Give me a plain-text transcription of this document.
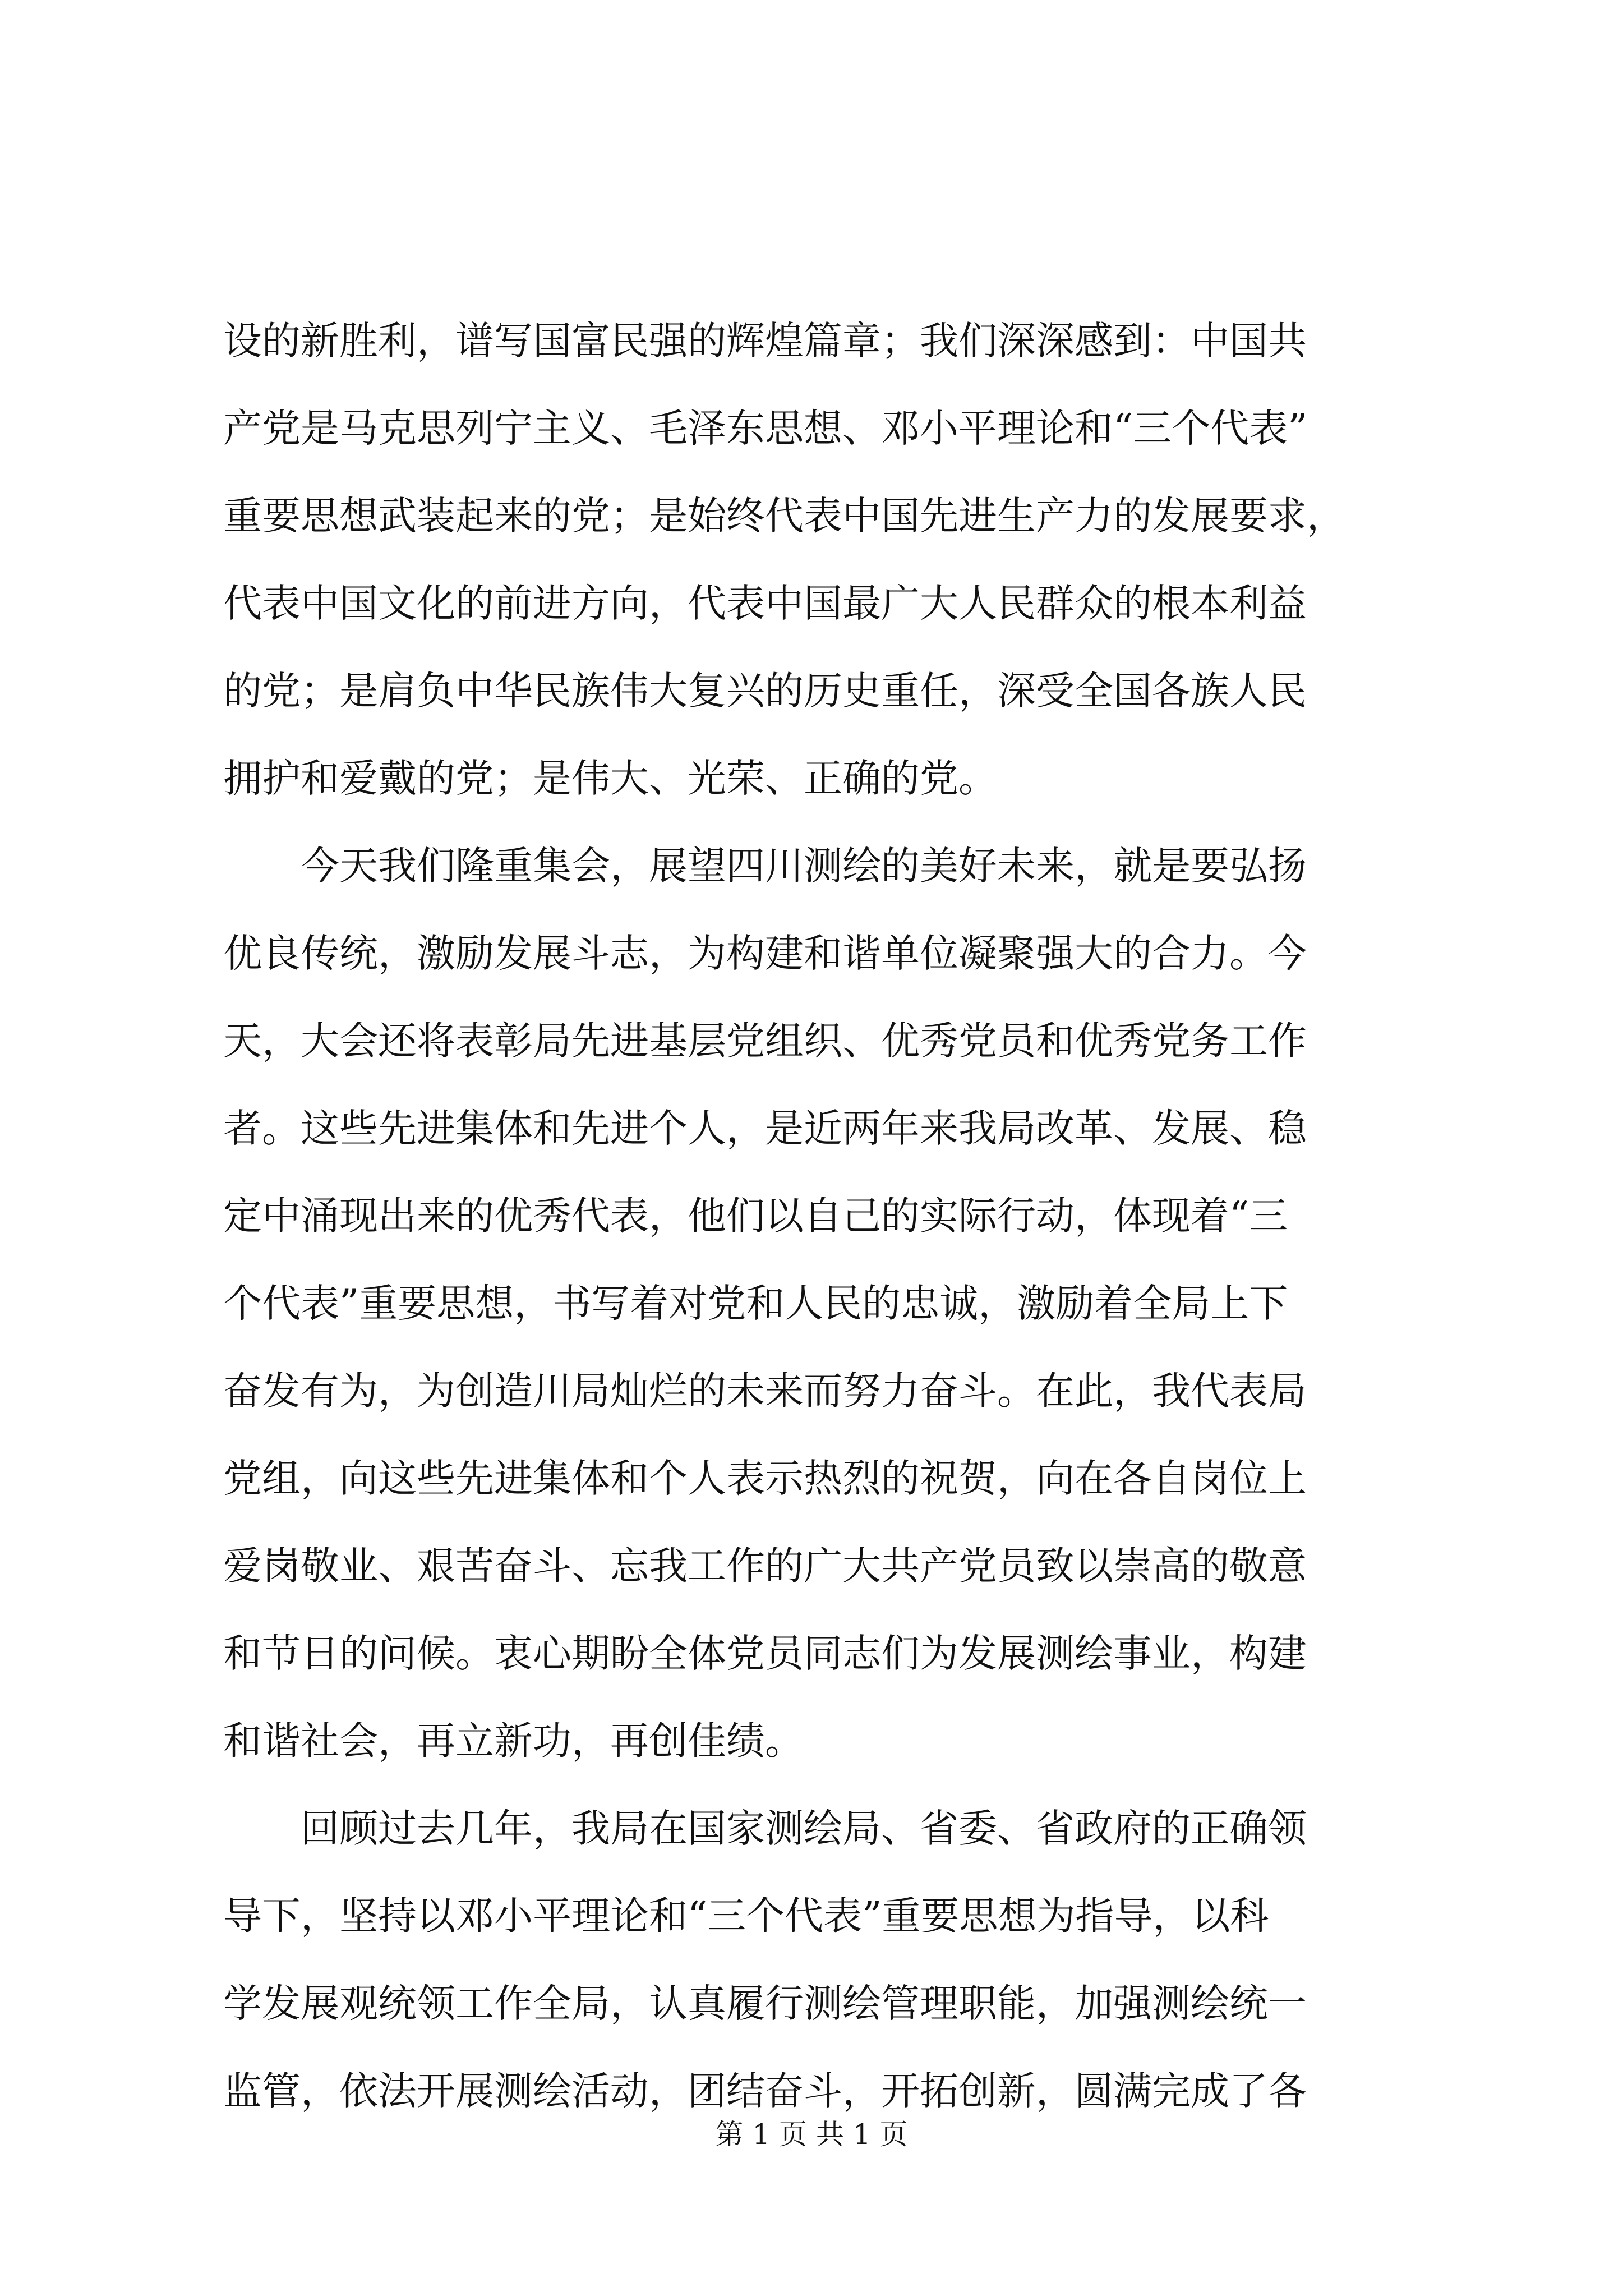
设的新胜利，谱写国富民强的辉煌篇章；我们深深感到：中国共
产党是马克思列宁主义、毛泽东思想、邓小平理论和“三个代表”
重要思想武装起来的党；是始终代表中国先进生产力的发展要求，
代表中国文化的前进方向，代表中国最广大人民群众的根本利益
的党；是肩负中华民族伟大复兴的历史重任，深受全国各族人民
拥护和爱戴的党；是伟大、光荣、正确的党。
今天我们隆重集会，展望四川测绘的美好未来，就是要弘扬
优良传统，激励发展斗志，为构建和谐单位凝聚强大的合力。今
天，大会还将表彰局先进基层党组织、优秀党员和优秀党务工作
者。这些先进集体和先进个人，是近两年来我局改革、发展、稳
定中涌现出来的优秀代表，他们以自己的实际行动，体现着“三
个代表”重要思想，书写着对党和人民的忠诚，激励着全局上下
奋发有为，为创造川局灿烂的未来而努力奋斗。在此，我代表局
党组，向这些先进集体和个人表示热烈的祝贺，向在各自岗位上
爱岗敬业、艰苦奋斗、忘我工作的广大共产党员致以崇高的敬意
和节日的问候。衷心期盼全体党员同志们为发展测绘事业，构建
和谐社会，再立新功，再创佳绩。
回顾过去几年，我局在国家测绘局、省委、省政府的正确领
导下，坚持以邓小平理论和“三个代表”重要思想为指导，以科
学发展观统领工作全局，认真履行测绘管理职能，加强测绘统一
监管，依法开展测绘活动，团结奋斗，开拓创新，圆满完成了各
第 1 页 共 1 页
